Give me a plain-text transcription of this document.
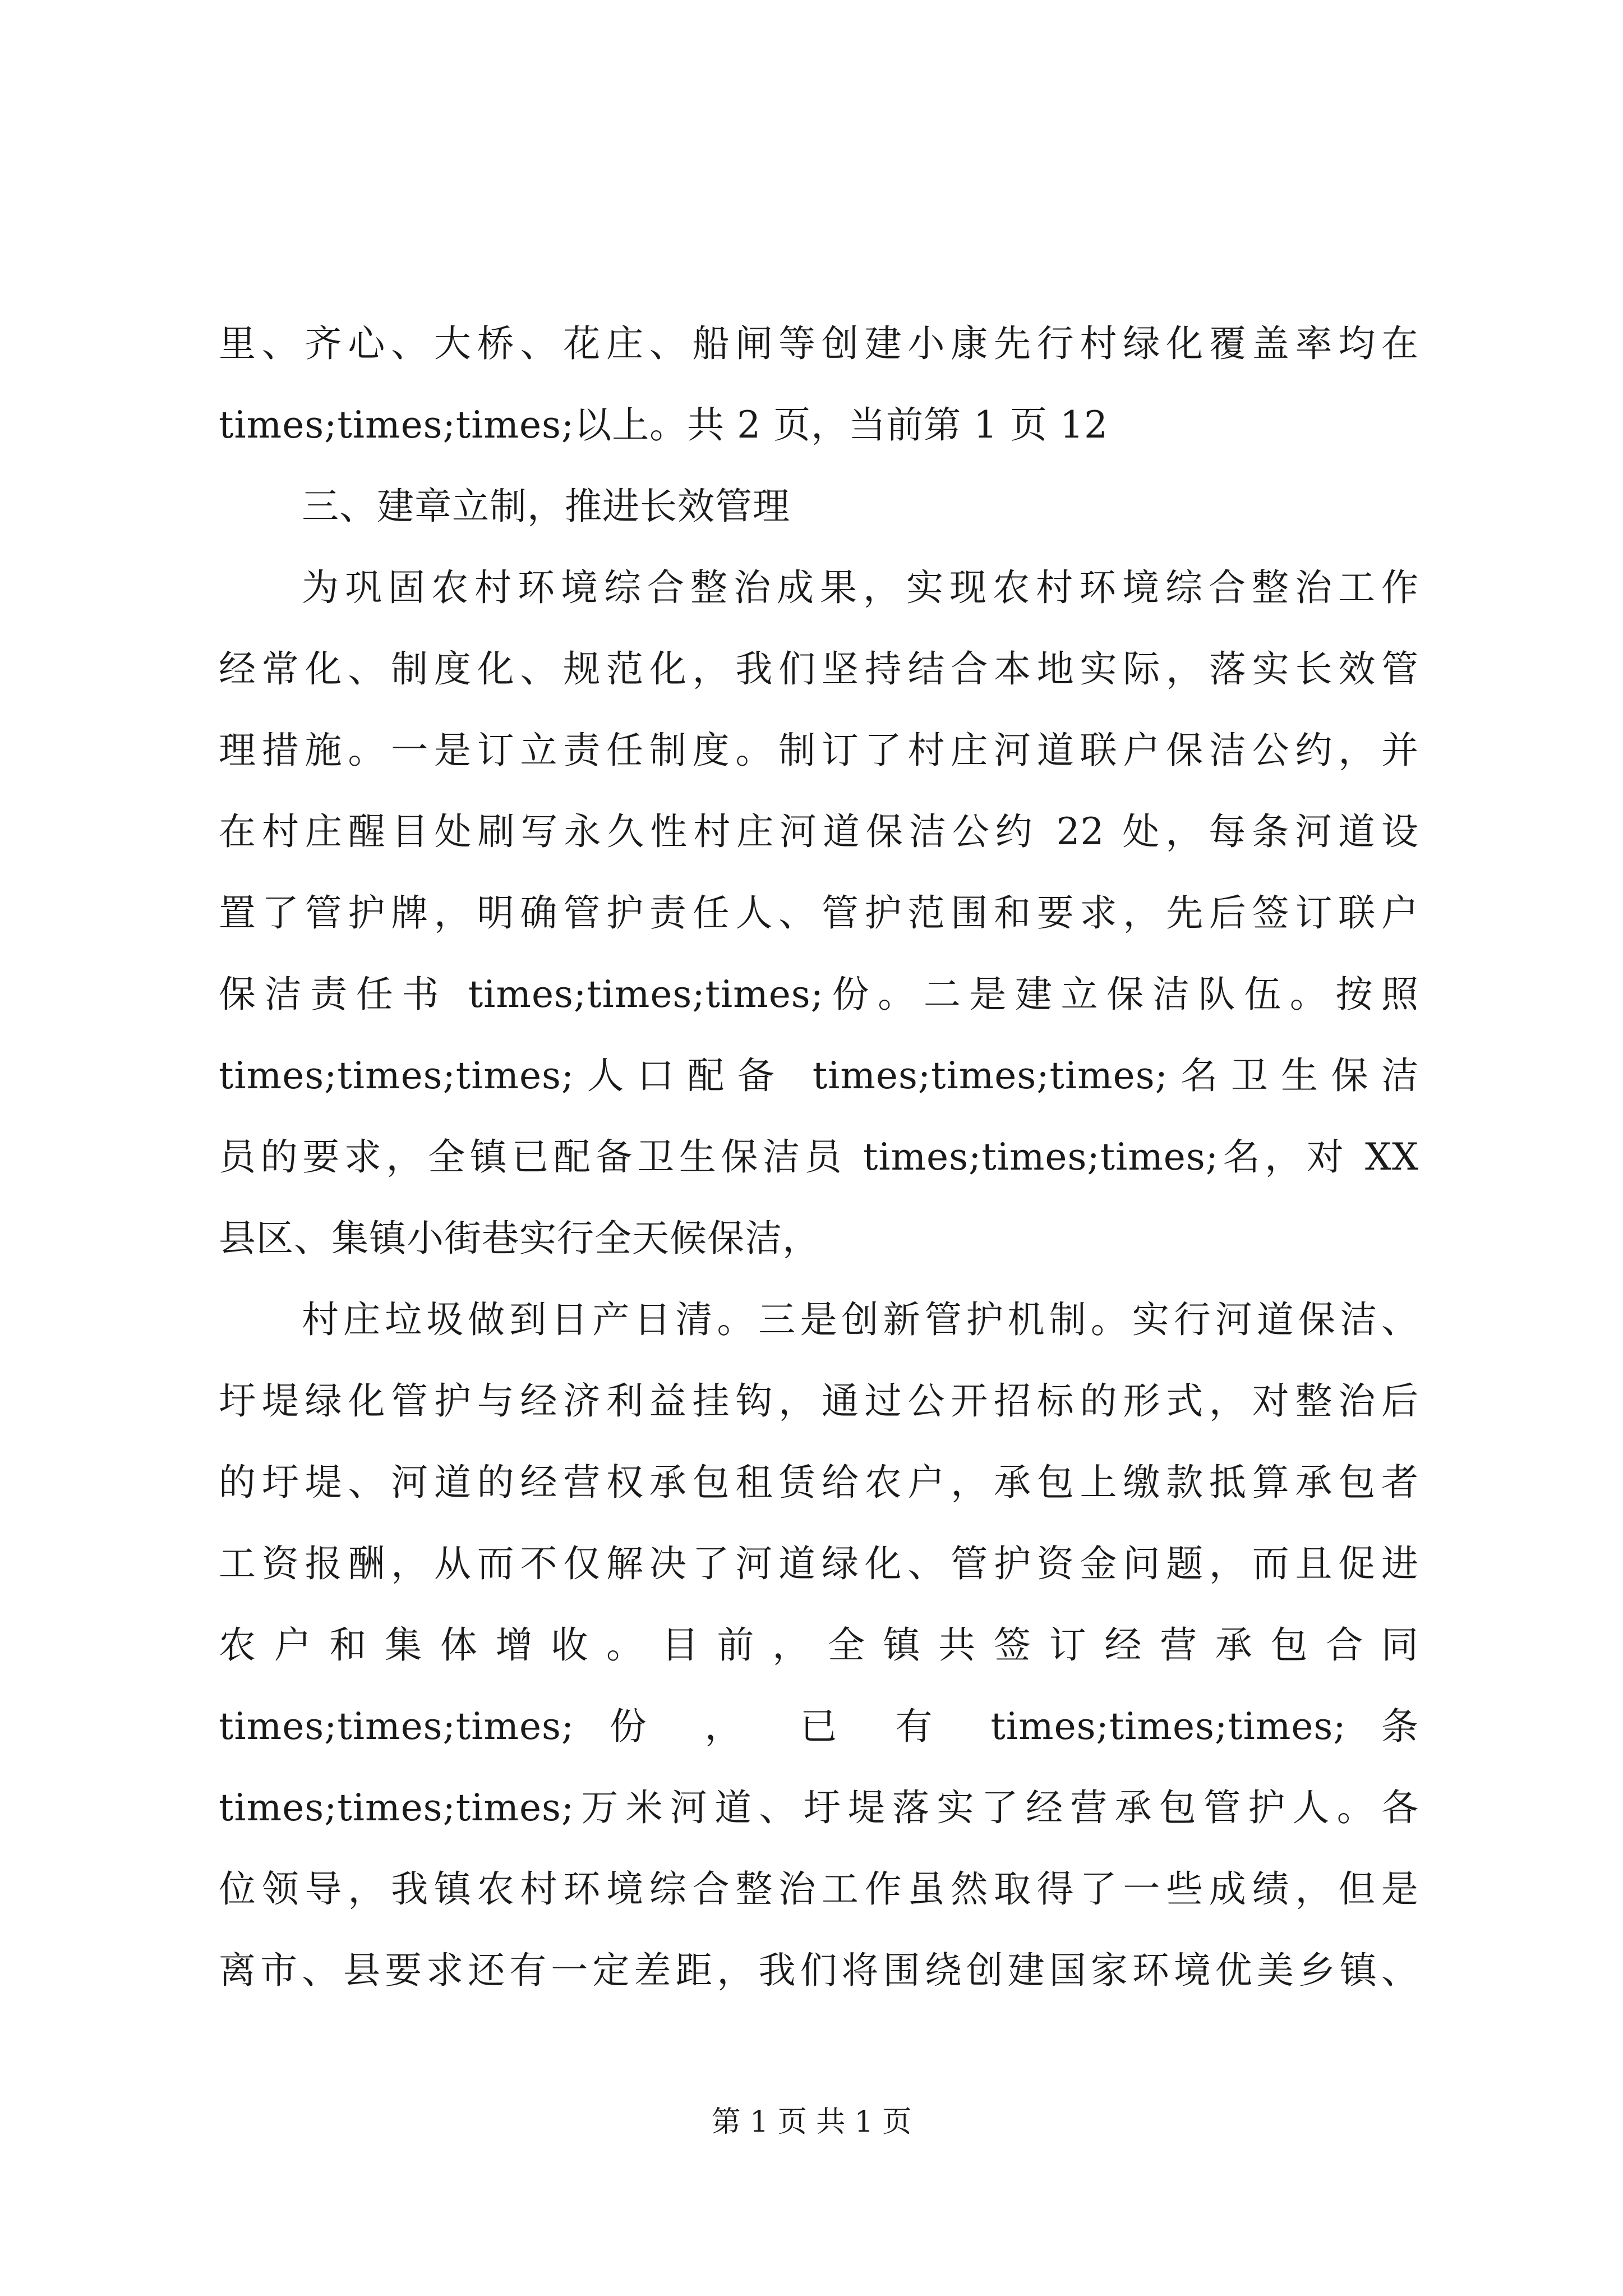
里、齐心、大桥、花庄、船闸等创建小康先行村绿化覆盖率均在
times;times;times;以上。共 2 页，当前第 1 页 12
三、建章立制，推进长效管理
为巩固农村环境综合整治成果，实现农村环境综合整治工作
经常化、制度化、规范化，我们坚持结合本地实际，落实长效管
理措施。一是订立责任制度。制订了村庄河道联户保洁公约，并
在村庄醒目处刷写永久性村庄河道保洁公约 22 处，每条河道设
置了管护牌，明确管护责任人、管护范围和要求，先后签订联户
保洁责任书 times;times;times;份。二是建立保洁队伍。按照
times;times;times;人口配备 times;times;times;名卫生保洁
员的要求，全镇已配备卫生保洁员 times;times;times;名，对 XX
县区、集镇小街巷实行全天候保洁，
村庄垃圾做到日产日清。三是创新管护机制。实行河道保洁、
圩堤绿化管护与经济利益挂钩，通过公开招标的形式，对整治后
的圩堤、河道的经营权承包租赁给农户，承包上缴款抵算承包者
工资报酬，从而不仅解决了河道绿化、管护资金问题，而且促进
农户和集体增收。目前，全镇共签订经营承包合同
times;times;times; 份 ， 已 有 times;times;times; 条
times;times;times;万米河道、圩堤落实了经营承包管护人。各
位领导，我镇农村环境综合整治工作虽然取得了一些成绩，但是
离市、县要求还有一定差距，我们将围绕创建国家环境优美乡镇、
第 1 页 共 1 页
